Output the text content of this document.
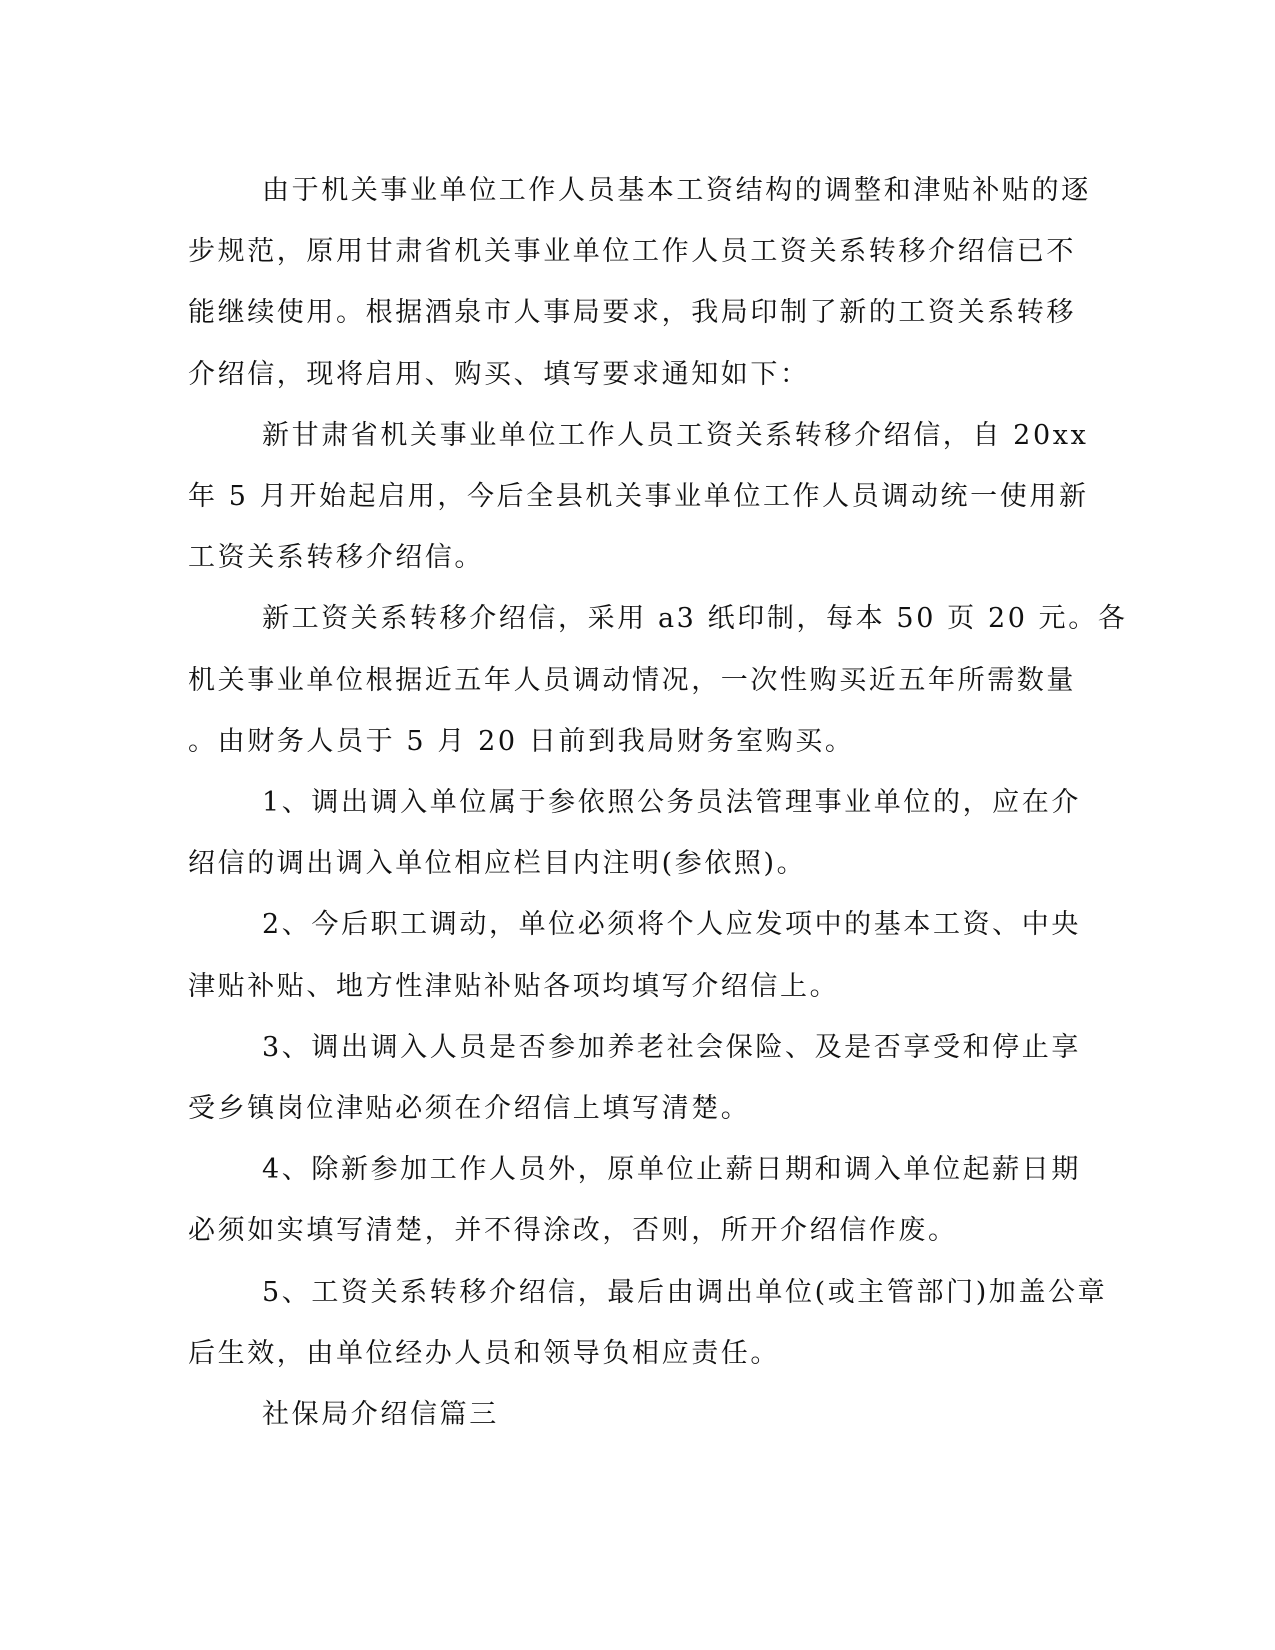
由于机关事业单位工作人员基本工资结构的调整和津贴补贴的逐
步规范，原用甘肃省机关事业单位工作人员工资关系转移介绍信已不
能继续使用。根据酒泉市人事局要求，我局印制了新的工资关系转移
介绍信，现将启用、购买、填写要求通知如下：

新甘肃省机关事业单位工作人员工资关系转移介绍信，自 20xx
年 5 月开始起启用，今后全县机关事业单位工作人员调动统一使用新
工资关系转移介绍信。

新工资关系转移介绍信，采用 a3 纸印制，每本 50 页 20 元。各
机关事业单位根据近五年人员调动情况，一次性购买近五年所需数量
。由财务人员于 5 月 20 日前到我局财务室购买。

1、调出调入单位属于参依照公务员法管理事业单位的，应在介
绍信的调出调入单位相应栏目内注明(参依照)。

2、今后职工调动，单位必须将个人应发项中的基本工资、中央
津贴补贴、地方性津贴补贴各项均填写介绍信上。

3、调出调入人员是否参加养老社会保险、及是否享受和停止享
受乡镇岗位津贴必须在介绍信上填写清楚。

4、除新参加工作人员外，原单位止薪日期和调入单位起薪日期
必须如实填写清楚，并不得涂改，否则，所开介绍信作废。

5、工资关系转移介绍信，最后由调出单位(或主管部门)加盖公章
后生效，由单位经办人员和领导负相应责任。

社保局介绍信篇三
